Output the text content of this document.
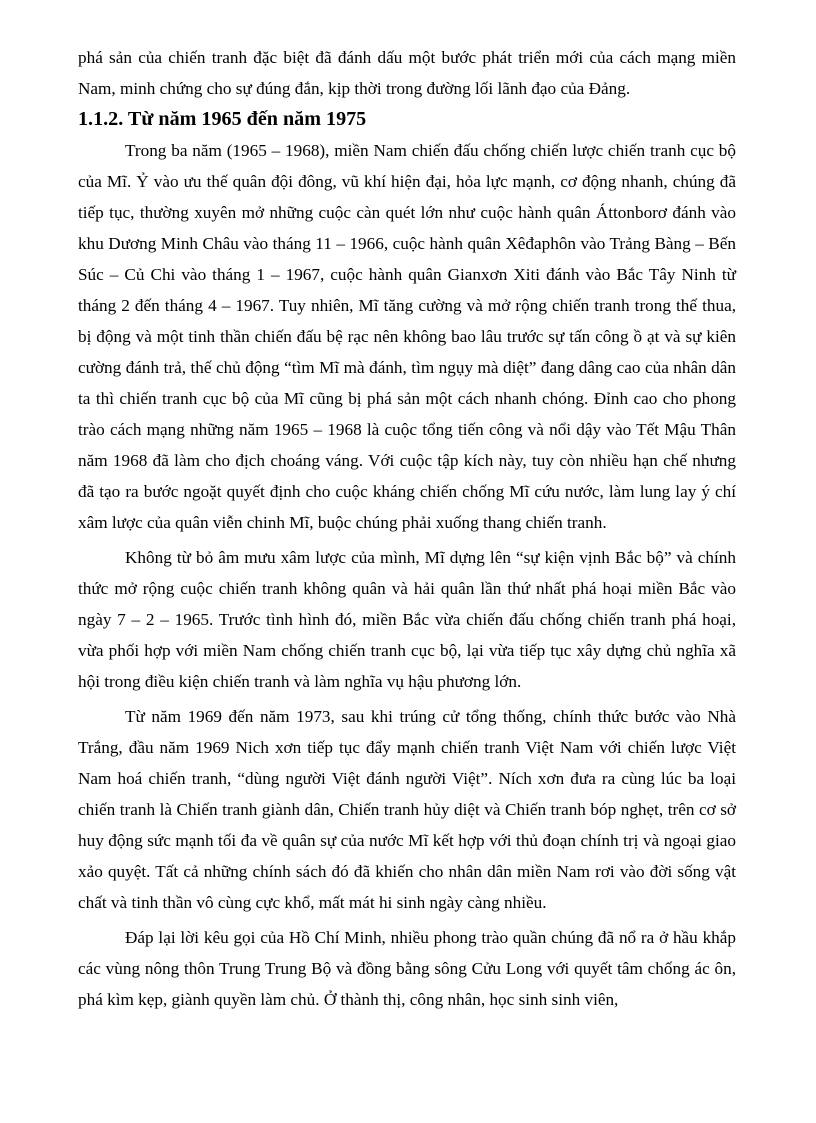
phá sản của chiến tranh đặc biệt đã đánh dấu một bước phát triển mới của cách mạng miền Nam, minh chứng cho sự đúng đắn, kịp thời trong đường lối lãnh đạo của Đảng.

1.1.2. Từ năm 1965 đến năm 1975

Trong ba năm (1965 – 1968), miền Nam chiến đấu chống chiến lược chiến tranh cục bộ của Mĩ. Ỷ vào ưu thế quân đội đông, vũ khí hiện đại, hỏa lực mạnh, cơ động nhanh, chúng đã tiếp tục, thường xuyên mở những cuộc càn quét lớn như cuộc hành quân Áttonborơ đánh vào khu Dương Minh Châu vào tháng 11 – 1966, cuộc hành quân Xêđaphôn vào Trảng Bàng – Bến Súc – Củ Chi vào tháng 1 – 1967, cuộc hành quân Gianxơn Xiti đánh vào Bắc Tây Ninh từ tháng 2 đến tháng 4 – 1967. Tuy nhiên, Mĩ tăng cường và mở rộng chiến tranh trong thế thua, bị động và một tinh thần chiến đấu bệ rạc nên không bao lâu trước sự tấn công ồ ạt và sự kiên cường đánh trả, thế chủ động “tìm Mĩ mà đánh, tìm ngụy mà diệt” đang dâng cao của nhân dân ta thì chiến tranh cục bộ của Mĩ cũng bị phá sản một cách nhanh chóng. Đỉnh cao cho phong trào cách mạng những năm 1965 – 1968 là cuộc tổng tiến công và nổi dậy vào Tết Mậu Thân năm 1968 đã làm cho địch choáng váng. Với cuộc tập kích này, tuy còn nhiều hạn chế nhưng đã tạo ra bước ngoặt quyết định cho cuộc kháng chiến chống Mĩ cứu nước, làm lung lay ý chí xâm lược của quân viễn chinh Mĩ, buộc chúng phải xuống thang chiến tranh.

Không từ bỏ âm mưu xâm lược của mình, Mĩ dựng lên “sự kiện vịnh Bắc bộ” và chính thức mở rộng cuộc chiến tranh không quân và hải quân lần thứ nhất phá hoại miền Bắc vào ngày 7 – 2 – 1965. Trước tình hình đó, miền Bắc vừa chiến đấu chống chiến tranh phá hoại, vừa phối hợp với miền Nam chống chiến tranh cục bộ, lại vừa tiếp tục xây dựng chủ nghĩa xã hội trong điều kiện chiến tranh và làm nghĩa vụ hậu phương lớn.

Từ năm 1969 đến năm 1973, sau khi trúng cử tổng thống, chính thức bước vào Nhà Trắng, đầu năm 1969 Nich xơn tiếp tục đẩy mạnh chiến tranh Việt Nam với chiến lược Việt Nam hoá chiến tranh, “dùng người Việt đánh người Việt”. Ních xơn đưa ra cùng lúc ba loại chiến tranh là Chiến tranh giành dân, Chiến tranh hủy diệt và Chiến tranh bóp nghẹt, trên cơ sở huy động sức mạnh tối đa về quân sự của nước Mĩ kết hợp với thủ đoạn chính trị và ngoại giao xảo quyệt. Tất cả những chính sách đó đã khiến cho nhân dân miền Nam rơi vào đời sống vật chất và tinh thần vô cùng cực khổ, mất mát hi sinh ngày càng nhiều.

Đáp lại lời kêu gọi của Hồ Chí Minh, nhiều phong trào quần chúng đã nổ ra ở hầu khắp các vùng nông thôn Trung Trung Bộ và đồng bằng sông Cửu Long với quyết tâm chống ác ôn, phá kìm kẹp, giành quyền làm chủ. Ở thành thị, công nhân, học sinh sinh viên,
